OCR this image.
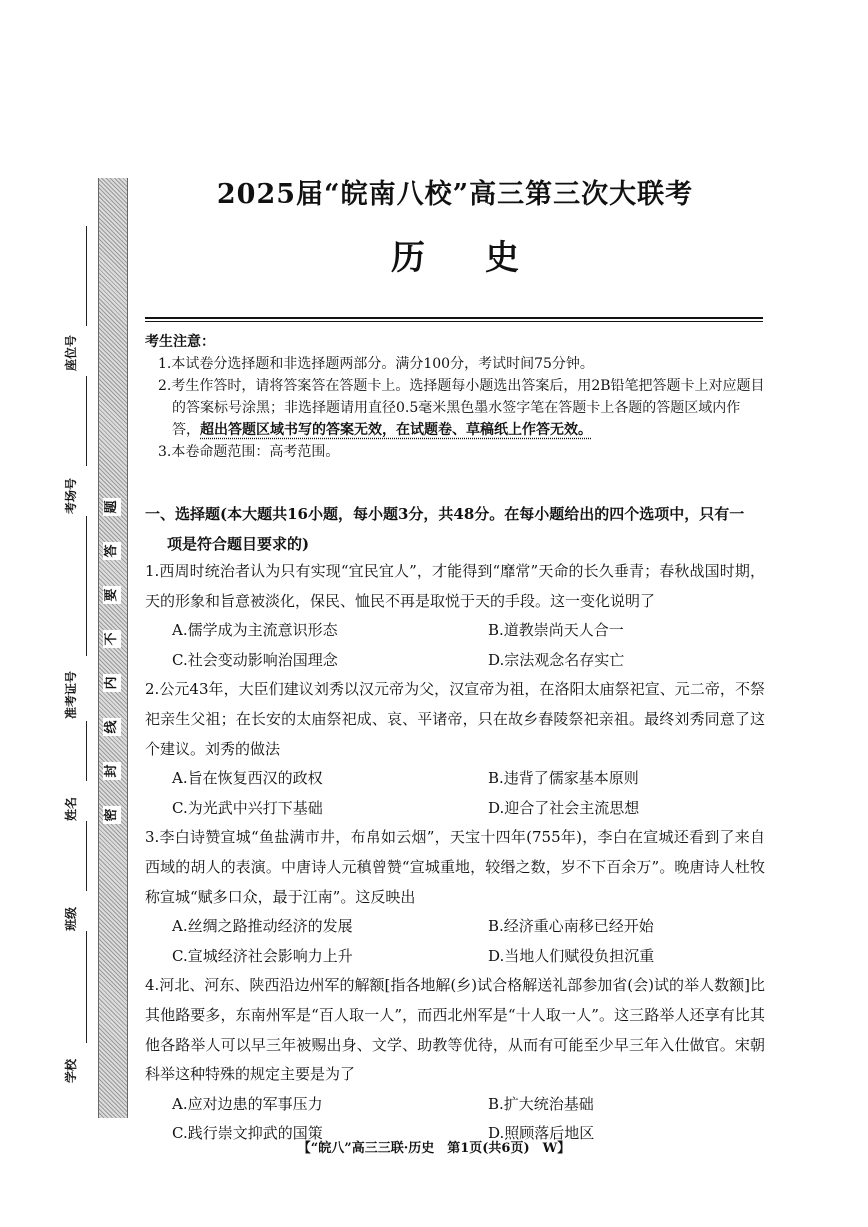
题
答
要
不
内
线
封
密
座位号
考场号
准考证号
姓名
班级
学校
2025届“皖南八校”高三第三次大联考
历史
考生注意：

1.本试卷分选择题和非选择题两部分。满分100分，考试时间75分钟。

2.考生作答时，请将答案答在答题卡上。选择题每小题选出答案后，用2B铅笔把答题卡上对应题目的答案标号涂黑；非选择题请用直径0.5毫米黑色墨水签字笔在答题卡上各题的答题区域内作答，超出答题区域书写的答案无效，在试题卷、草稿纸上作答无效。

3.本卷命题范围：高考范围。

一、选择题(本大题共16小题，每小题3分，共48分。在每小题给出的四个选项中，只有一

项是符合题目要求的)

1.西周时统治者认为只有实现“宜民宜人”，才能得到“靡常”天命的长久垂青；春秋战国时期，天的形象和旨意被淡化，保民、恤民不再是取悦于天的手段。这一变化说明了

A.儒学成为主流意识形态	B.道教崇尚天人合一
C.社会变动影响治国理念	D.宗法观念名存实亡

2.公元43年，大臣们建议刘秀以汉元帝为父，汉宣帝为祖，在洛阳太庙祭祀宣、元二帝，不祭祀亲生父祖；在长安的太庙祭祀成、哀、平诸帝，只在故乡舂陵祭祀亲祖。最终刘秀同意了这个建议。刘秀的做法

A.旨在恢复西汉的政权	B.违背了儒家基本原则
C.为光武中兴打下基础	D.迎合了社会主流思想

3.李白诗赞宣城“鱼盐满市井，布帛如云烟”，天宝十四年(755年)，李白在宣城还看到了来自西域的胡人的表演。中唐诗人元稹曾赞“宣城重地，较缗之数，岁不下百余万”。晚唐诗人杜牧称宣城“赋多口众，最于江南”。这反映出

A.丝绸之路推动经济的发展	B.经济重心南移已经开始
C.宣城经济社会影响力上升	D.当地人们赋役负担沉重

4.河北、河东、陕西沿边州军的解额[指各地解(乡)试合格解送礼部参加省(会)试的举人数额]比其他路要多，东南州军是“百人取一人”，而西北州军是“十人取一人”。这三路举人还享有比其他各路举人可以早三年被赐出身、文学、助教等优待，从而有可能至少早三年入仕做官。宋朝科举这种特殊的规定主要是为了

A.应对边患的军事压力	B.扩大统治基础
C.践行崇文抑武的国策	D.照顾落后地区
【“皖八”高三三联·历史　第1页(共6页)　W】
